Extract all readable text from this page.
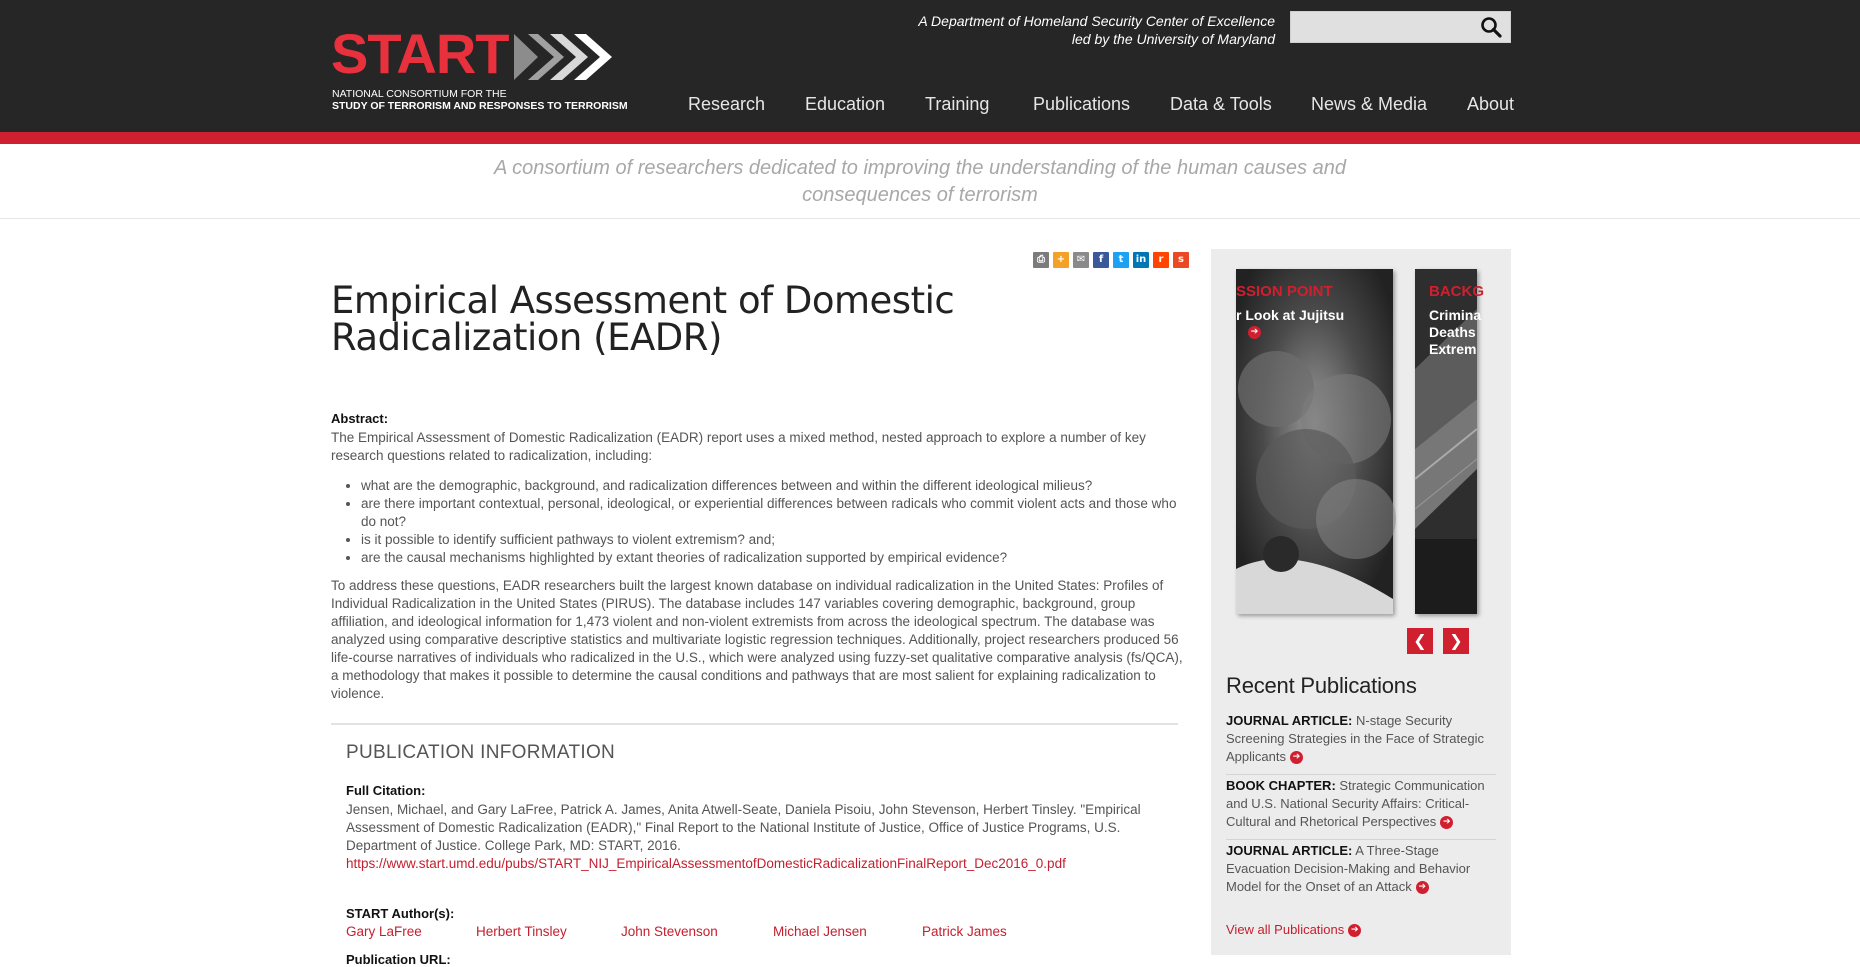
START
NATIONAL CONSORTIUM FOR THE
STUDY OF TERRORISM AND RESPONSES TO TERRORISM
A Department of Homeland Security Center of Excellence
led by the University of Maryland
Research Education Training Publications Data & Tools News & Media About
A consortium of researchers dedicated to improving the understanding of the human causes and consequences of terrorism
⎙ + ✉ f t in r s
Empirical Assessment of Domestic Radicalization (EADR)
Abstract:
The Empirical Assessment of Domestic Radicalization (EADR) report uses a mixed method, nested approach to explore a number of key research questions related to radicalization, including:
• what are the demographic, background, and radicalization differences between and within the different ideological milieus?
• are there important contextual, personal, ideological, or experiential differences between radicals who commit violent acts and those who do not?
• is it possible to identify sufficient pathways to violent extremism? and;
• are the causal mechanisms highlighted by extant theories of radicalization supported by empirical evidence?
To address these questions, EADR researchers built the largest known database on individual radicalization in the United States: Profiles of Individual Radicalization in the United States (PIRUS). The database includes 147 variables covering demographic, background, group affiliation, and ideological information for 1,473 violent and non-violent extremists from across the ideological spectrum. The database was analyzed using comparative descriptive statistics and multivariate logistic regression techniques. Additionally, project researchers produced 56 life-course narratives of individuals who radicalized in the U.S., which were analyzed using fuzzy-set qualitative comparative analysis (fs/QCA), a methodology that makes it possible to determine the causal conditions and pathways that are most salient for explaining radicalization to violence.
PUBLICATION INFORMATION
Full Citation:
Jensen, Michael, and Gary LaFree, Patrick A. James, Anita Atwell-Seate, Daniela Pisoiu, John Stevenson, Herbert Tinsley. "Empirical Assessment of Domestic Radicalization (EADR)," Final Report to the National Institute of Justice, Office of Justice Programs, U.S. Department of Justice. College Park, MD: START, 2016. https://www.start.umd.edu/pubs/START_NIJ_EmpiricalAssessmentofDomesticRadicalizationFinalReport_Dec2016_0.pdf
START Author(s):
Gary LaFree	Herbert Tinsley	John Stevenson	Michael Jensen	Patrick James
Publication URL:
SSION POINT
r Look at Jujitsu
➔
BACKG
Crimina
Deaths
Extrem
❮	❯
Recent Publications
JOURNAL ARTICLE: N-stage Security Screening Strategies in the Face of Strategic Applicants ➔
BOOK CHAPTER: Strategic Communication and U.S. National Security Affairs: Critical-Cultural and Rhetorical Perspectives ➔
JOURNAL ARTICLE: A Three-Stage Evacuation Decision-Making and Behavior Model for the Onset of an Attack ➔
View all Publications ➔
